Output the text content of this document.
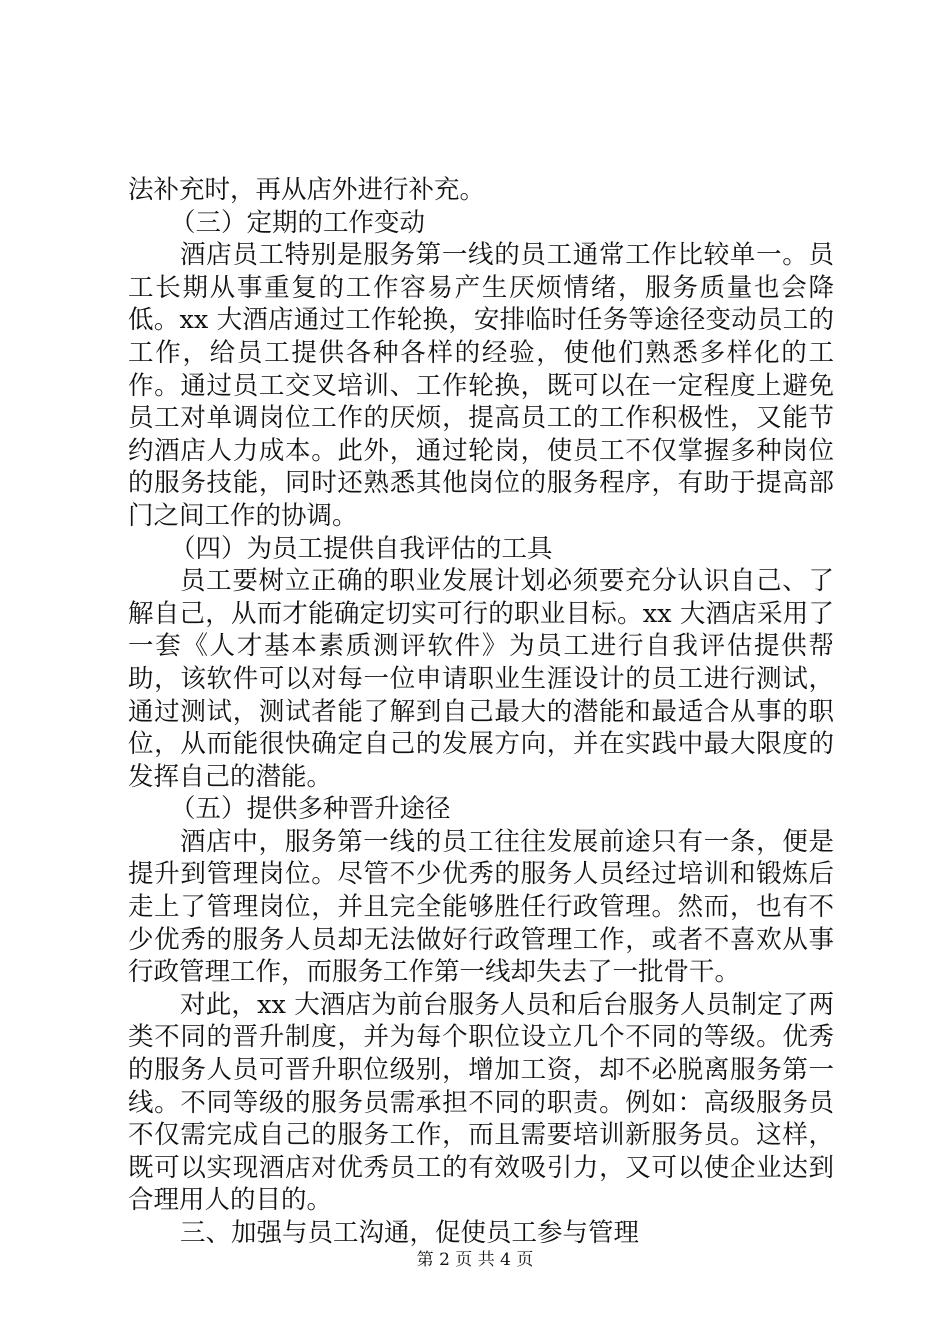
法补充时，再从店外进行补充。

（三）定期的工作变动

酒店员工特别是服务第一线的员工通常工作比较单一。员工长期从事重复的工作容易产生厌烦情绪，服务质量也会降低。xx 大酒店通过工作轮换，安排临时任务等途径变动员工的工作，给员工提供各种各样的经验，使他们熟悉多样化的工作。通过员工交叉培训、工作轮换，既可以在一定程度上避免员工对单调岗位工作的厌烦，提高员工的工作积极性，又能节约酒店人力成本。此外，通过轮岗，使员工不仅掌握多种岗位的服务技能，同时还熟悉其他岗位的服务程序，有助于提高部门之间工作的协调。

（四）为员工提供自我评估的工具

员工要树立正确的职业发展计划必须要充分认识自己、了解自己，从而才能确定切实可行的职业目标。xx 大酒店采用了一套《人才基本素质测评软件》为员工进行自我评估提供帮助，该软件可以对每一位申请职业生涯设计的员工进行测试，通过测试，测试者能了解到自己最大的潜能和最适合从事的职位，从而能很快确定自己的发展方向，并在实践中最大限度的发挥自己的潜能。

（五）提供多种晋升途径

酒店中，服务第一线的员工往往发展前途只有一条，便是提升到管理岗位。尽管不少优秀的服务人员经过培训和锻炼后走上了管理岗位，并且完全能够胜任行政管理。然而，也有不少优秀的服务人员却无法做好行政管理工作，或者不喜欢从事行政管理工作，而服务工作第一线却失去了一批骨干。

对此，xx 大酒店为前台服务人员和后台服务人员制定了两类不同的晋升制度，并为每个职位设立几个不同的等级。优秀的服务人员可晋升职位级别，增加工资，却不必脱离服务第一线。不同等级的服务员需承担不同的职责。例如：高级服务员不仅需完成自己的服务工作，而且需要培训新服务员。这样，既可以实现酒店对优秀员工的有效吸引力，又可以使企业达到合理用人的目的。

三、加强与员工沟通，促使员工参与管理

第 2 页 共 4 页
